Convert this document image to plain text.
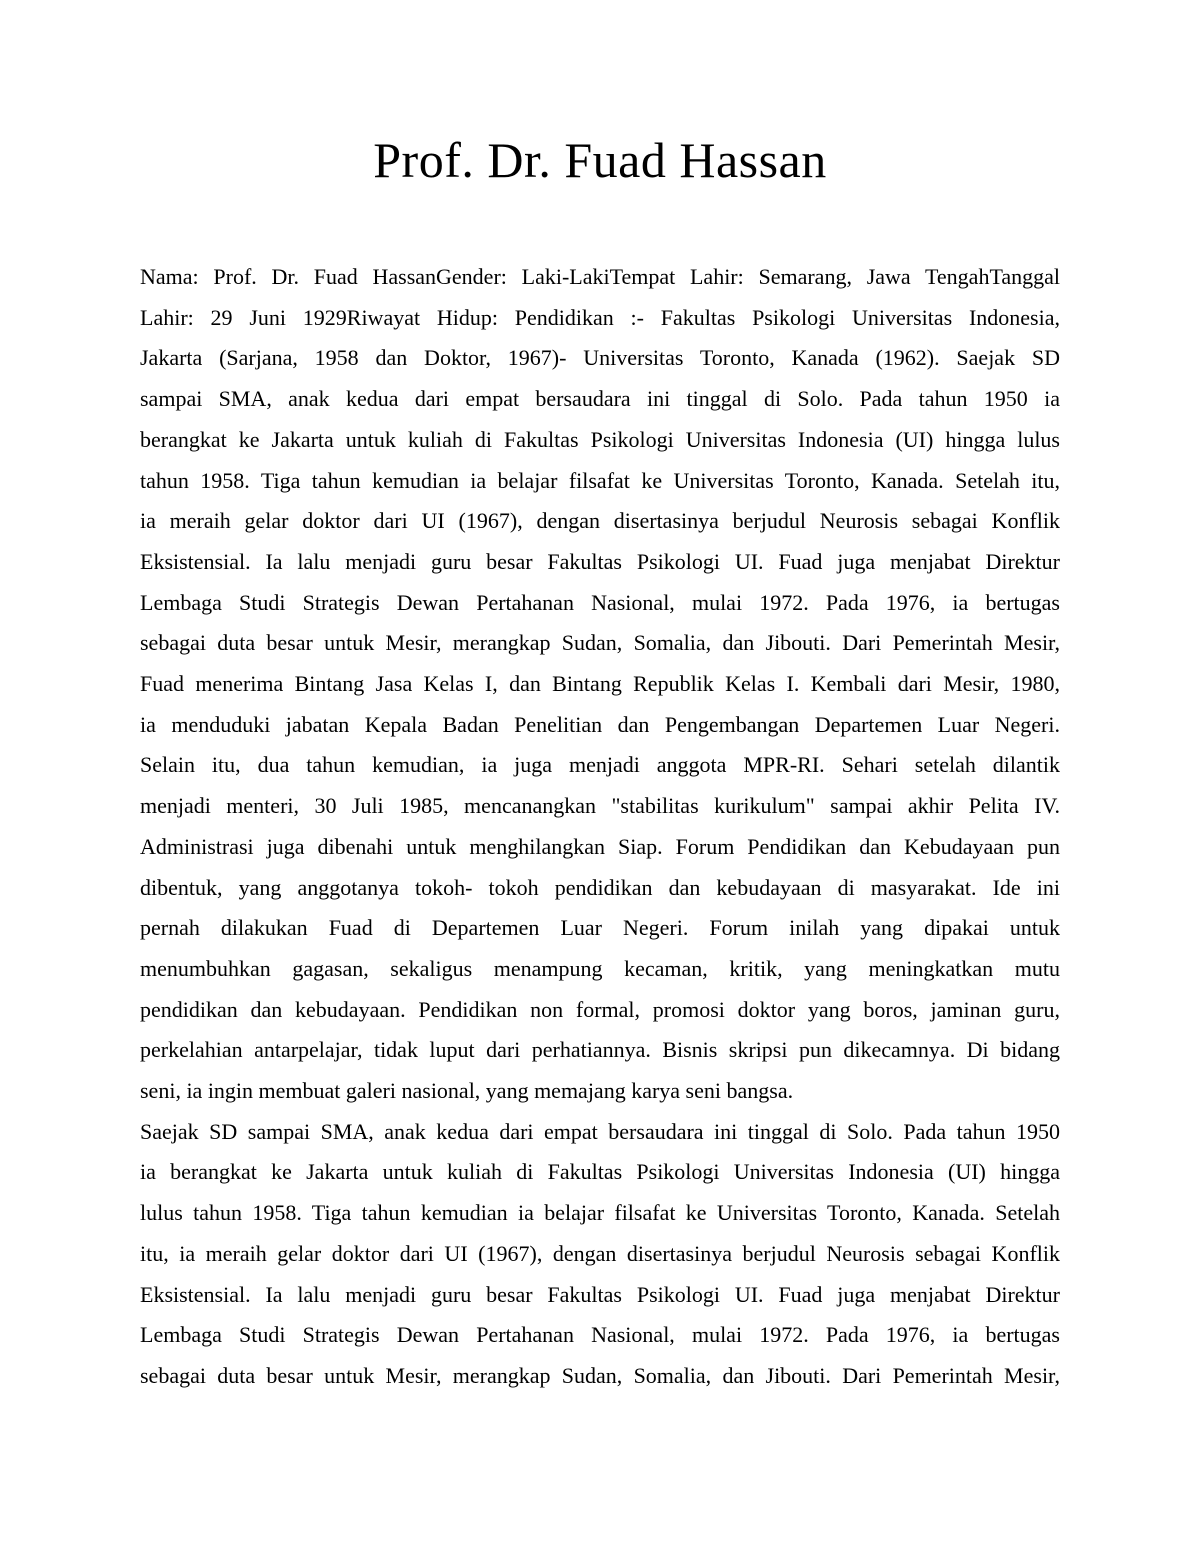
Prof. Dr. Fuad Hassan
Nama: Prof. Dr. Fuad HassanGender: Laki-LakiTempat Lahir: Semarang, Jawa TengahTanggal
Lahir: 29 Juni 1929Riwayat Hidup: Pendidikan :- Fakultas Psikologi Universitas Indonesia,
Jakarta (Sarjana, 1958 dan Doktor, 1967)- Universitas Toronto, Kanada (1962). Saejak SD
sampai SMA, anak kedua dari empat bersaudara ini tinggal di Solo. Pada tahun 1950 ia
berangkat ke Jakarta untuk kuliah di Fakultas Psikologi Universitas Indonesia (UI) hingga lulus
tahun 1958. Tiga tahun kemudian ia belajar filsafat ke Universitas Toronto, Kanada. Setelah itu,
ia meraih gelar doktor dari UI (1967), dengan disertasinya berjudul Neurosis sebagai Konflik
Eksistensial. Ia lalu menjadi guru besar Fakultas Psikologi UI. Fuad juga menjabat Direktur
Lembaga Studi Strategis Dewan Pertahanan Nasional, mulai 1972. Pada 1976, ia bertugas
sebagai duta besar untuk Mesir, merangkap Sudan, Somalia, dan Jibouti. Dari Pemerintah Mesir,
Fuad menerima Bintang Jasa Kelas I, dan Bintang Republik Kelas I. Kembali dari Mesir, 1980,
ia menduduki jabatan Kepala Badan Penelitian dan Pengembangan Departemen Luar Negeri.
Selain itu, dua tahun kemudian, ia juga menjadi anggota MPR-RI. Sehari setelah dilantik
menjadi menteri, 30 Juli 1985, mencanangkan "stabilitas kurikulum" sampai akhir Pelita IV.
Administrasi juga dibenahi untuk menghilangkan Siap. Forum Pendidikan dan Kebudayaan pun
dibentuk, yang anggotanya tokoh- tokoh pendidikan dan kebudayaan di masyarakat. Ide ini
pernah dilakukan Fuad di Departemen Luar Negeri. Forum inilah yang dipakai untuk
menumbuhkan gagasan, sekaligus menampung kecaman, kritik, yang meningkatkan mutu
pendidikan dan kebudayaan. Pendidikan non formal, promosi doktor yang boros, jaminan guru,
perkelahian antarpelajar, tidak luput dari perhatiannya. Bisnis skripsi pun dikecamnya. Di bidang
seni, ia ingin membuat galeri nasional, yang memajang karya seni bangsa.
Saejak SD sampai SMA, anak kedua dari empat bersaudara ini tinggal di Solo. Pada tahun 1950
ia berangkat ke Jakarta untuk kuliah di Fakultas Psikologi Universitas Indonesia (UI) hingga
lulus tahun 1958. Tiga tahun kemudian ia belajar filsafat ke Universitas Toronto, Kanada. Setelah
itu, ia meraih gelar doktor dari UI (1967), dengan disertasinya berjudul Neurosis sebagai Konflik
Eksistensial. Ia lalu menjadi guru besar Fakultas Psikologi UI. Fuad juga menjabat Direktur
Lembaga Studi Strategis Dewan Pertahanan Nasional, mulai 1972. Pada 1976, ia bertugas
sebagai duta besar untuk Mesir, merangkap Sudan, Somalia, dan Jibouti. Dari Pemerintah Mesir,
